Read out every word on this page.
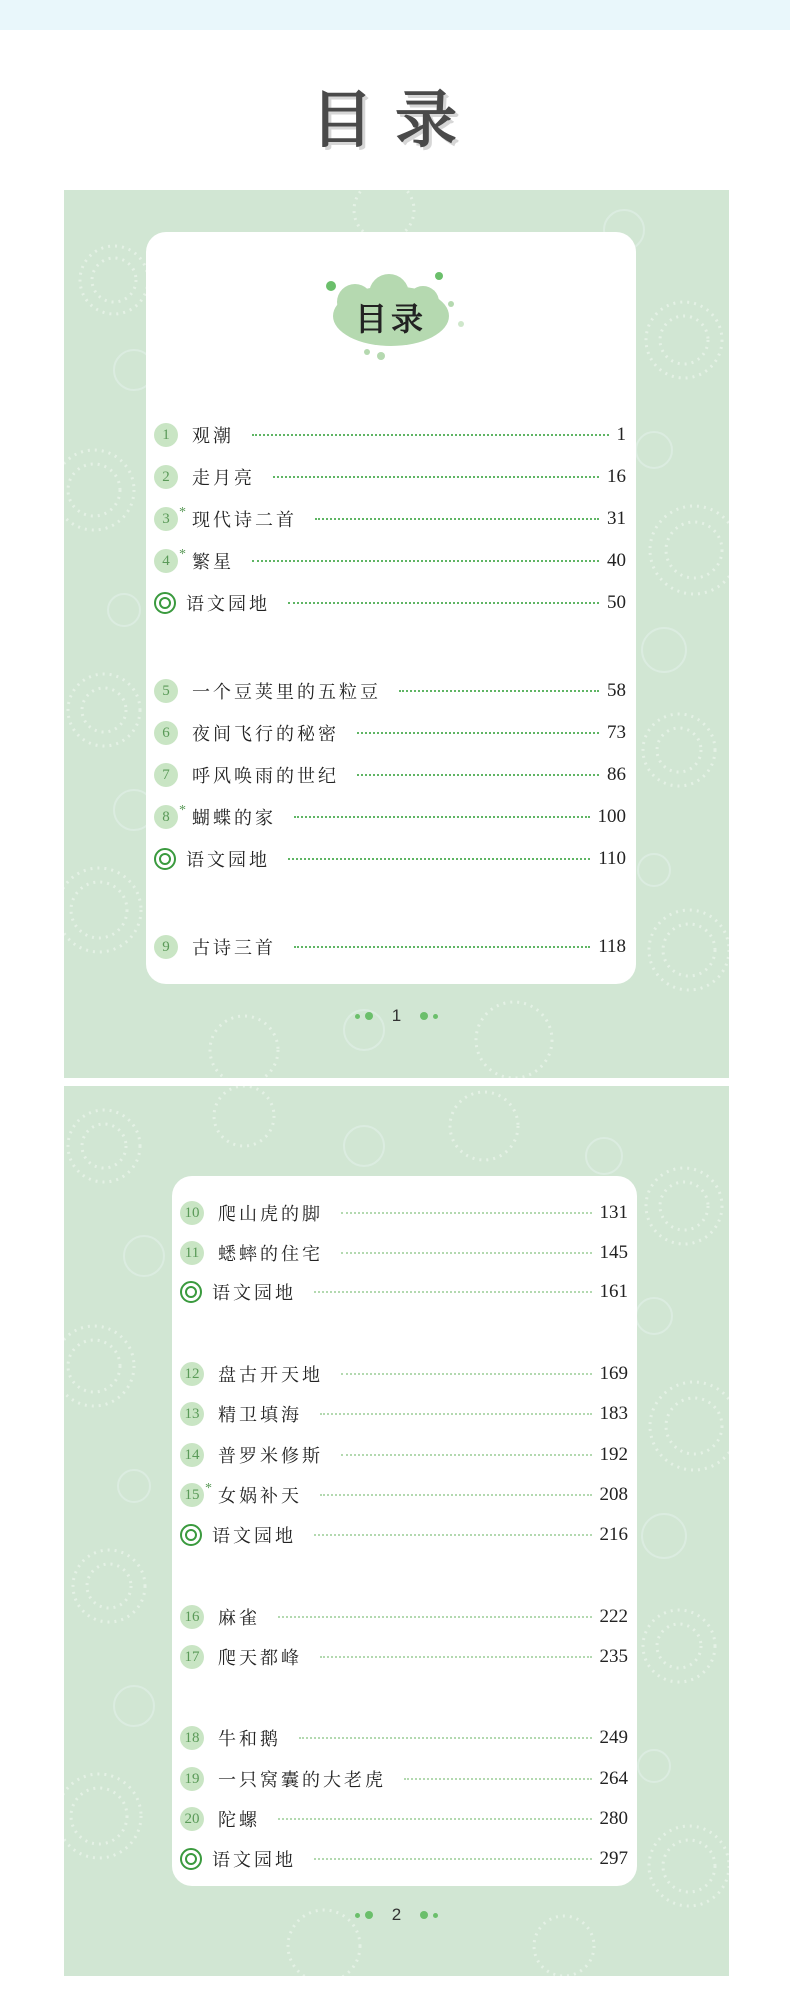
目录
目录
1	观潮	1
2	走月亮	16
3 *	现代诗二首	31
4 *	繁星	40
语文园地	50
5	一个豆荚里的五粒豆	58
6	夜间飞行的秘密	73
7	呼风唤雨的世纪	86
8 *	蝴蝶的家	100
语文园地	110
9	古诗三首	118
1
10 爬山虎的脚	131
11 蟋蟀的住宅	145
语文园地	161
12 盘古开天地	169
13 精卫填海	183
14 普罗米修斯	192
15 * 女娲补天	208
语文园地	216
16 麻雀	222
17 爬天都峰	235
18 牛和鹅	249
19 一只窝囊的大老虎	264
20 陀螺	280
语文园地	297
2
